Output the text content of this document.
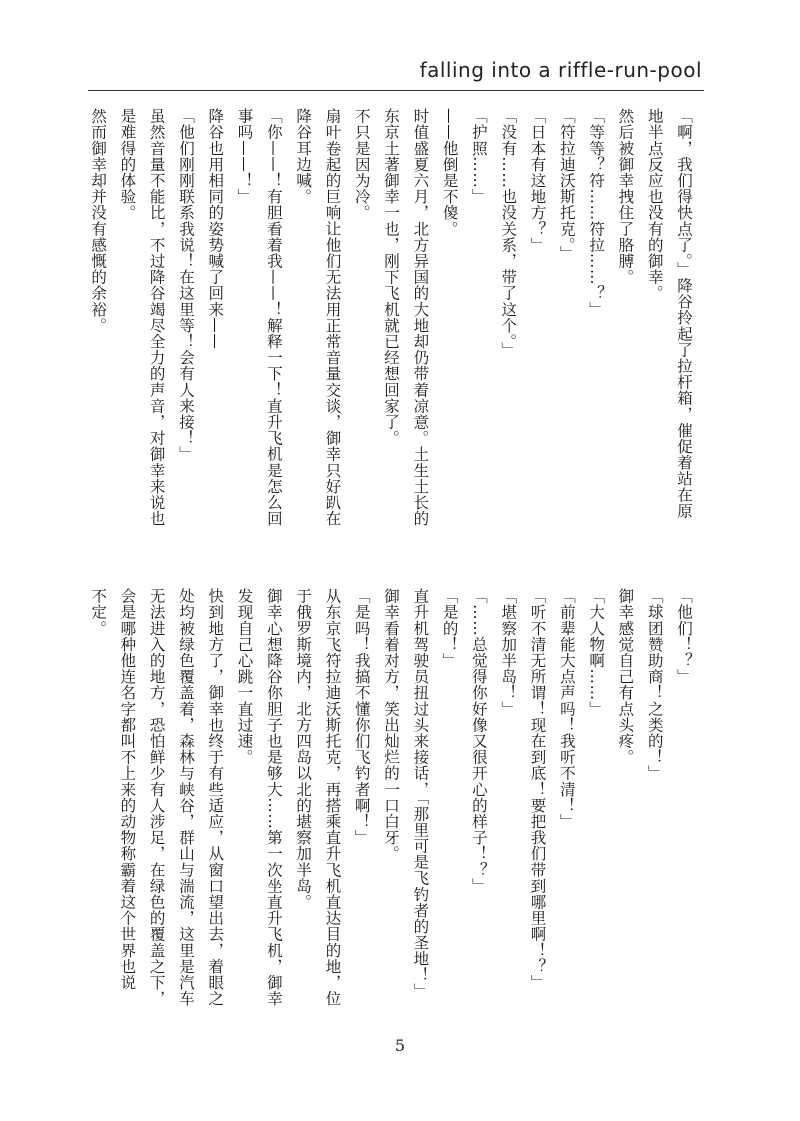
falling into a riffle-run-pool

「啊，我们得快点了。」降谷拎起了拉杆箱，催促着站在原

地半点反应也没有的御幸。

然后被御幸拽住了胳膊。

「等等？符……符拉……？」

「符拉迪沃斯托克。」

「日本有这地方？」

「没有……也没关系，带了这个。」

「护照……」

——他倒是不傻。

时值盛夏六月，北方异国的大地却仍带着凉意。土生土长的

东京土著御幸一也，刚下飞机就已经想回家了。

不只是因为冷。

扇叶卷起的巨响让他们无法用正常音量交谈，御幸只好趴在

降谷耳边喊。

「你——！有胆看着我——！解释一下！直升飞机是怎么回

事吗——！」

降谷也用相同的姿势喊了回来——

「他们刚刚联系我说！在这里等！会有人来接！」

虽然音量不能比，不过降谷竭尽全力的声音，对御幸来说也

是难得的体验。

然而御幸却并没有感慨的余裕。

「他们！？」

「球团赞助商！之类的！」

御幸感觉自己有点头疼。

「大人物啊……」

「前辈能大点声吗！我听不清！」

「听不清无所谓！现在到底！要把我们带到哪里啊！？」

「堪察加半岛！」

「……总觉得你好像又很开心的样子！？」

「是的！」

直升机驾驶员扭过头来接话，「那里可是飞钓者的圣地！」

御幸看着对方，笑出灿烂的一口白牙。

「是吗！我搞不懂你们飞钓者啊！」

从东京飞符拉迪沃斯托克，再搭乘直升飞机直达目的地，位

于俄罗斯境内，北方四岛以北的堪察加半岛。

御幸心想降谷你胆子也是够大……第一次坐直升飞机，御幸

发现自己心跳一直过速。

快到地方了，御幸也终于有些适应，从窗口望出去，着眼之

处均被绿色覆盖着，森林与峡谷，群山与湍流，这里是汽车

无法进入的地方，恐怕鲜少有人涉足，在绿色的覆盖之下，

会是哪种他连名字都叫不上来的动物称霸着这个世界也说

不定。

5
